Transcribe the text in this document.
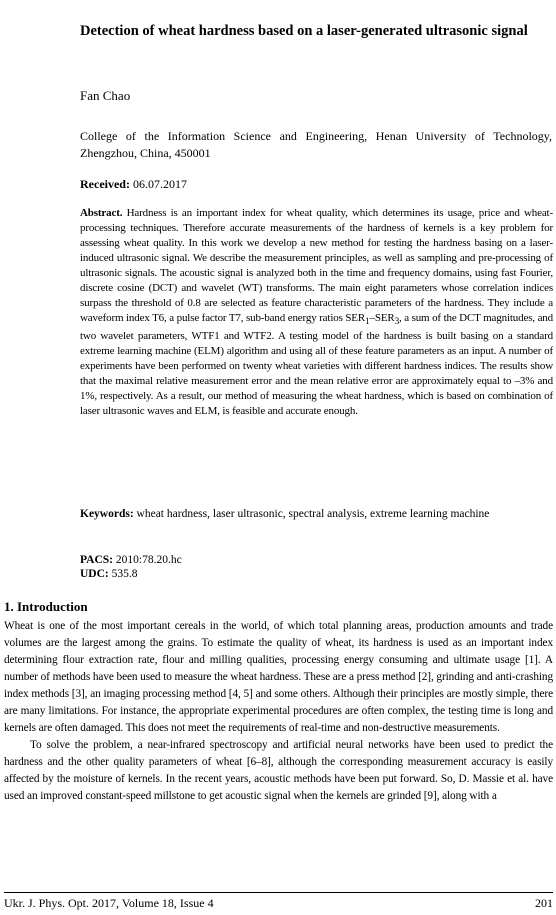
Detection of wheat hardness based on a laser-generated ultrasonic signal
Fan Chao
College of the Information Science and Engineering, Henan University of Technology, Zhengzhou, China, 450001
Received: 06.07.2017
Abstract. Hardness is an important index for wheat quality, which determines its usage, price and wheat-processing techniques. Therefore accurate measurements of the hardness of kernels is a key problem for assessing wheat quality. In this work we develop a new method for testing the hardness basing on a laser-induced ultrasonic signal. We describe the measurement principles, as well as sampling and pre-processing of ultrasonic signals. The acoustic signal is analyzed both in the time and frequency domains, using fast Fourier, discrete cosine (DCT) and wavelet (WT) transforms. The main eight parameters whose correlation indices surpass the threshold of 0.8 are selected as feature characteristic parameters of the hardness. They include a waveform index T6, a pulse factor T7, sub-band energy ratios $SER_1-SER_3$, a sum of the DCT magnitudes, and two wavelet parameters, WTF1 and WTF2. A testing model of the hardness is built basing on a standard extreme learning machine (ELM) algorithm and using all of these feature parameters as an input. A number of experiments have been performed on twenty wheat varieties with different hardness indices. The results show that the maximal relative measurement error and the mean relative error are approximately equal to –3% and 1%, respectively. As a result, our method of measuring the wheat hardness, which is based on combination of laser ultrasonic waves and ELM, is feasible and accurate enough.
Keywords: wheat hardness, laser ultrasonic, spectral analysis, extreme learning machine
PACS: 2010:78.20.hc
UDC: 535.8
1. Introduction

Wheat is one of the most important cereals in the world, of which total planning areas, production amounts and trade volumes are the largest among the grains. To estimate the quality of wheat, its hardness is used as an important index determining flour extraction rate, flour and milling qualities, processing energy consuming and ultimate usage [1]. A number of methods have been used to measure the wheat hardness. These are a press method [2], grinding and anti-crashing index methods [3], an imaging processing method [4, 5] and some others. Although their principles are mostly simple, there are many limitations. For instance, the appropriate experimental procedures are often complex, the testing time is long and kernels are often damaged. This does not meet the requirements of real-time and non-destructive measurements.

To solve the problem, a near-infrared spectroscopy and artificial neural networks have been used to predict the hardness and the other quality parameters of wheat [6–8], although the corresponding measurement accuracy is easily affected by the moisture of kernels. In the recent years, acoustic methods have been put forward. So, D. Massie et al. have used an improved constant-speed millstone to get acoustic signal when the kernels are grinded [9], along with a

Ukr. J. Phys. Opt. 2017, Volume 18, Issue 4	201
